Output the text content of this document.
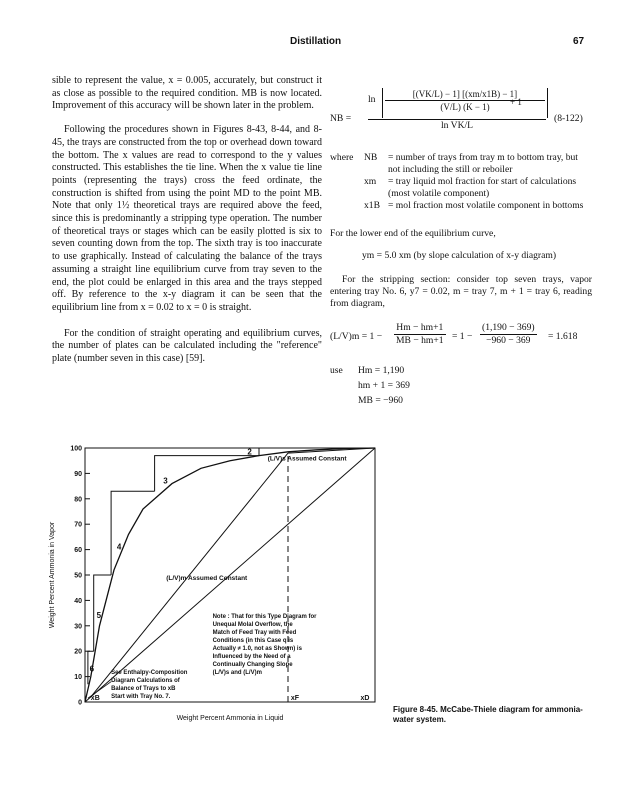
Distillation	67

sible to represent the value, x = 0.005, accurately, but construct it as close as possible to the required condition. MB is now located. Improvement of this accuracy will be shown later in the problem.

Following the procedures shown in Figures 8-43, 8-44, and 8-45, the trays are constructed from the top or overhead down toward the bottom. The x values are read to correspond to the y values constructed. This establishes the tie line. When the x value tie line points (representing the trays) cross the feed ordinate, the construction is shifted from using the point MD to the point MB. Note that only 1½ theoretical trays are required above the feed, since this is predominantly a stripping type operation. The number of theoretical trays or stages which can be easily plotted is six to seven counting down from the top. The sixth tray is too inaccurate to use graphically. Instead of calculating the balance of the trays assuming a straight line equilibrium curve from tray seven to the end, the plot could be enlarged in this area and the trays stepped off. By reference to the x-y diagram it can be seen that the equilibrium line from x = 0.02 to x = 0 is straight.

For the condition of straight operating and equilibrium curves, the number of plates can be calculated including the "reference" plate (number seven in this case) [59].

NB =
$\ln \frac{[(VK/L) - 1] [(xm/x1B) - 1]}{(V/L) (K - 1)}$
+ 1
ln VK/L
(8-122)
where NB = number of trays from tray m to bottom tray, but not including the still or reboiler
xm = tray liquid mol fraction for start of calculations (most volatile component)
x1B = mol fraction most volatile component in bottoms
For the lower end of the equilibrium curve,
ym = 5.0 xm (by slope calculation of x-y diagram)
For the stripping section: consider top seven trays, vapor entering tray No. 6, y7 = 0.02, m = tray 7, m + 1 = tray 6, reading from diagram,
$(L/V)m = 1 - \frac{Hm - hm+1}{MB - hm+1} = 1 - \frac{(1,190 - 369)}{-960 - 369} = 1.618$
use Hm = 1,190
hm + 1 = 369
MB = −960
100
90
80
70
60
50
40
30
20
10
0
Weight Percent Ammonia in Vapor
Weight Percent Ammonia in Liquid
2
3
4
5
6
(L/V)s Assumed Constant
(L/V)m Assumed Constant
Note : That for this Type Diagram for
Unequal Molal Overflow, the
Match of Feed Tray with Feed
Conditions (in this Case q is
Actually ≠ 1.0, not as Shown) is
Influenced by the Need of a
Continually Changing Slope
(L/V)s and (L/V)m
See Enthalpy-Composition
Diagram Calculations of
Balance of Trays to xB
Start with Tray No. 7.
xB	xF	xD
Figure 8-45. McCabe-Thiele diagram for ammonia-water system.
